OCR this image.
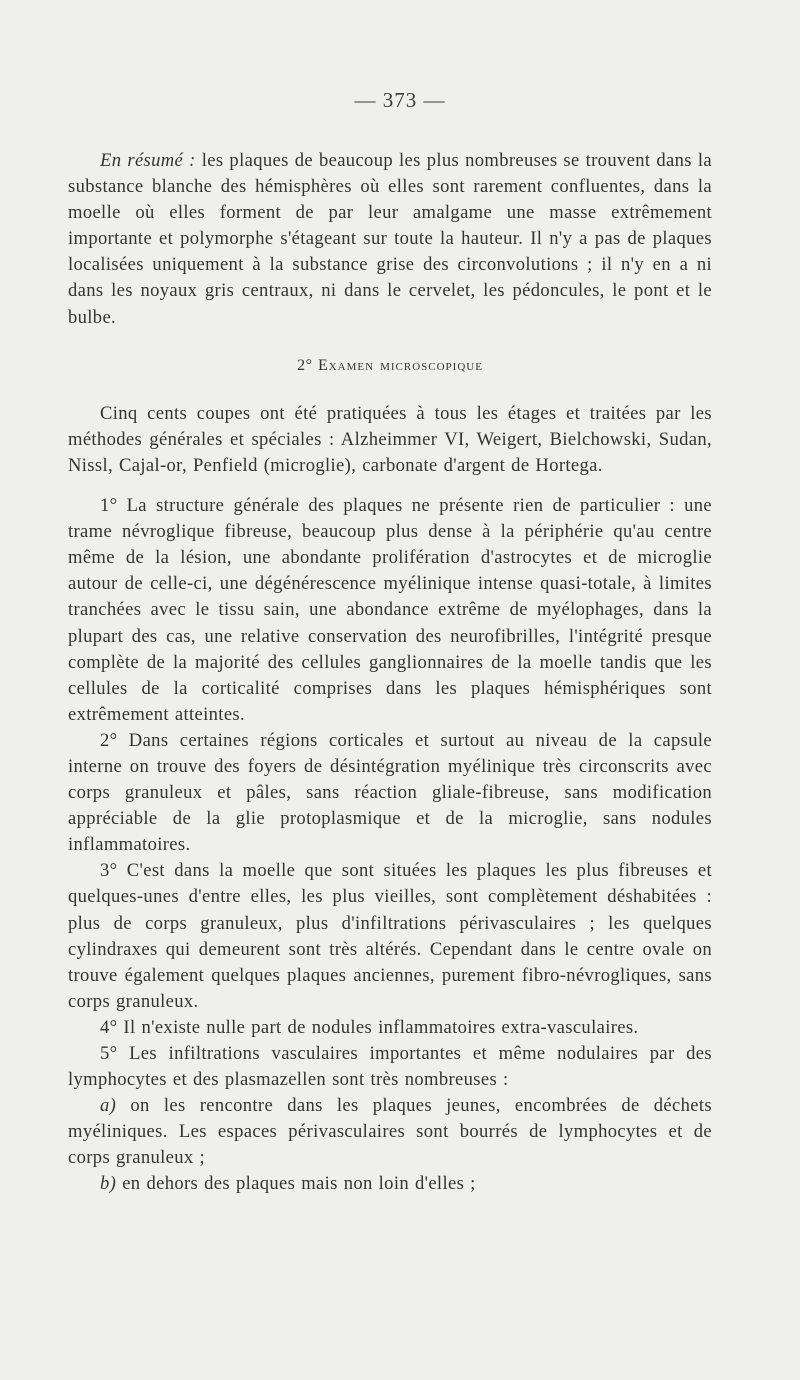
— 373 —

En résumé : les plaques de beaucoup les plus nombreuses se trouvent dans la substance blanche des hémisphères où elles sont rarement confluentes, dans la moelle où elles forment de par leur amalgame une masse extrêmement importante et polymorphe s'étageant sur toute la hauteur. Il n'y a pas de plaques localisées uniquement à la substance grise des circonvolutions ; il n'y en a ni dans les noyaux gris centraux, ni dans le cervelet, les pédoncules, le pont et le bulbe.

2° Examen microscopique

Cinq cents coupes ont été pratiquées à tous les étages et traitées par les méthodes générales et spéciales : Alzheimmer VI, Weigert, Bielchowski, Sudan, Nissl, Cajal-or, Penfield (microglie), carbonate d'argent de Hortega.

1° La structure générale des plaques ne présente rien de particulier : une trame névroglique fibreuse, beaucoup plus dense à la périphérie qu'au centre même de la lésion, une abondante prolifération d'astrocytes et de microglie autour de celle-ci, une dégénérescence myélinique intense quasi-totale, à limites tranchées avec le tissu sain, une abondance extrême de myélophages, dans la plupart des cas, une relative conservation des neurofibrilles, l'intégrité presque complète de la majorité des cellules ganglionnaires de la moelle tandis que les cellules de la corticalité comprises dans les plaques hémisphériques sont extrêmement atteintes.

2° Dans certaines régions corticales et surtout au niveau de la capsule interne on trouve des foyers de désintégration myélinique très circonscrits avec corps granuleux et pâles, sans réaction gliale-fibreuse, sans modification appréciable de la glie protoplasmique et de la microglie, sans nodules inflammatoires.

3° C'est dans la moelle que sont situées les plaques les plus fibreuses et quelques-unes d'entre elles, les plus vieilles, sont complètement déshabitées : plus de corps granuleux, plus d'infiltrations périvasculaires ; les quelques cylindraxes qui demeurent sont très altérés. Cependant dans le centre ovale on trouve également quelques plaques anciennes, purement fibro-névrogliques, sans corps granuleux.

4° Il n'existe nulle part de nodules inflammatoires extra-vasculaires.

5° Les infiltrations vasculaires importantes et même nodulaires par des lymphocytes et des plasmazellen sont très nombreuses :

a) on les rencontre dans les plaques jeunes, encombrées de déchets myéliniques. Les espaces périvasculaires sont bourrés de lymphocytes et de corps granuleux ;

b) en dehors des plaques mais non loin d'elles ;
